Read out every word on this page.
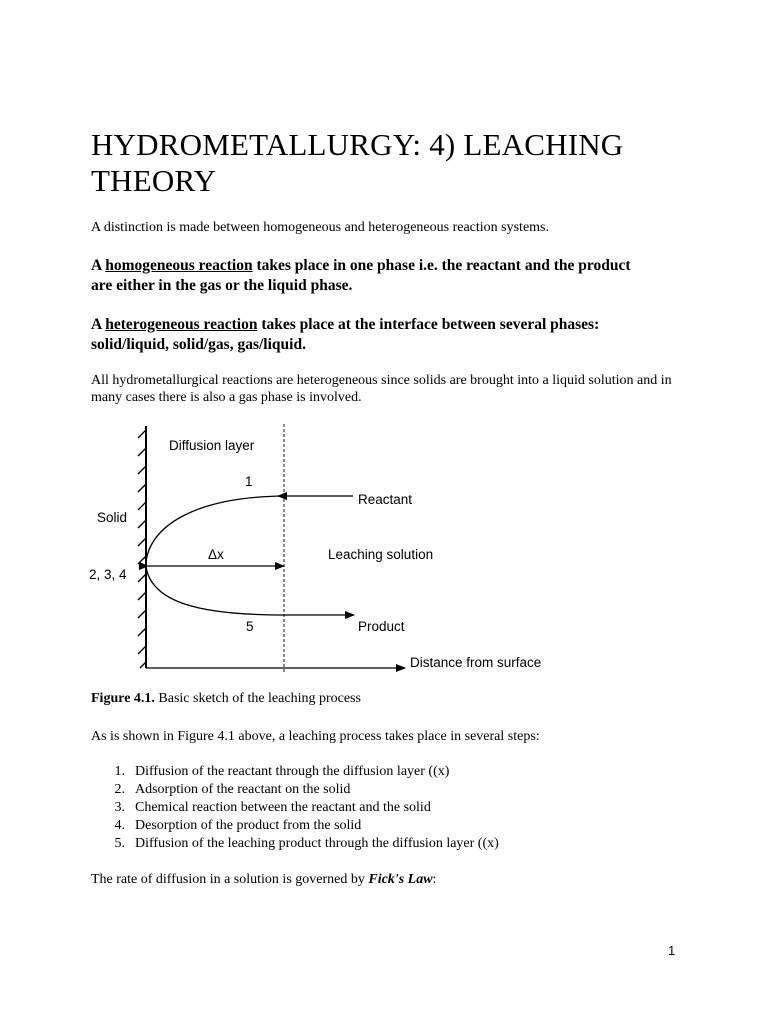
HYDROMETALLURGY: 4) LEACHING THEORY

A distinction is made between homogeneous and heterogeneous reaction systems.

A homogeneous reaction takes place in one phase i.e. the reactant and the product are either in the gas or the liquid phase.

A heterogeneous reaction takes place at the interface between several phases: solid/liquid, solid/gas, gas/liquid.

All hydrometallurgical reactions are heterogeneous since solids are brought into a liquid solution and in many cases there is also a gas phase is involved.

Diffusion layer
1
Reactant
Solid
Δx	Leaching solution
2, 3, 4
5	Product
Distance from surface

Figure 4.1. Basic sketch of the leaching process

As is shown in Figure 4.1 above, a leaching process takes place in several steps:

1. Diffusion of the reactant through the diffusion layer ((x)
2. Adsorption of the reactant on the solid
3. Chemical reaction between the reactant and the solid
4. Desorption of the product from the solid
5. Diffusion of the leaching product through the diffusion layer ((x)

The rate of diffusion in a solution is governed by Fick's Law:

1
